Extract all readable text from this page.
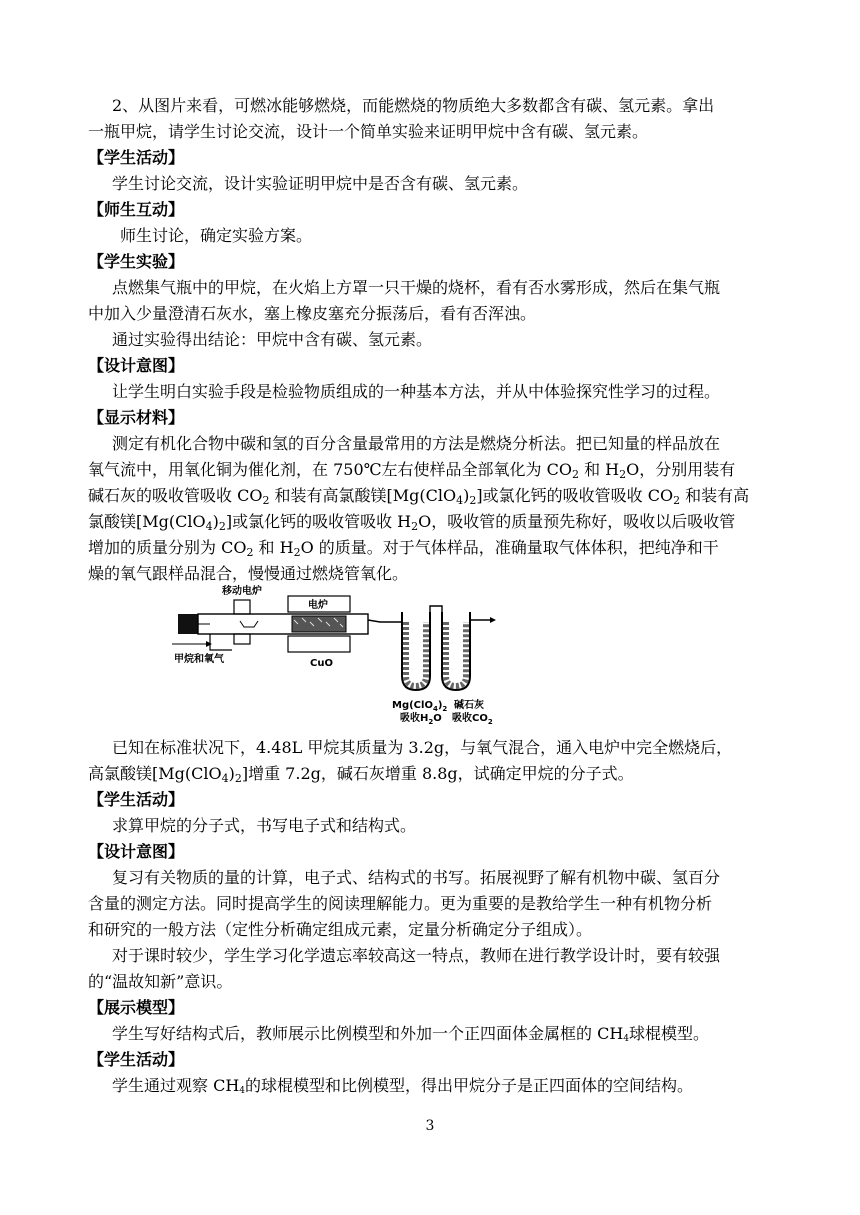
2、从图片来看，可燃冰能够燃烧，而能燃烧的物质绝大多数都含有碳、氢元素。拿出
一瓶甲烷，请学生讨论交流，设计一个简单实验来证明甲烷中含有碳、氢元素。
【学生活动】
学生讨论交流，设计实验证明甲烷中是否含有碳、氢元素。
【师生互动】
师生讨论，确定实验方案。
【学生实验】
点燃集气瓶中的甲烷，在火焰上方罩一只干燥的烧杯，看有否水雾形成，然后在集气瓶
中加入少量澄清石灰水，塞上橡皮塞充分振荡后，看有否浑浊。
通过实验得出结论：甲烷中含有碳、氢元素。
【设计意图】
让学生明白实验手段是检验物质组成的一种基本方法，并从中体验探究性学习的过程。
【显示材料】
测定有机化合物中碳和氢的百分含量最常用的方法是燃烧分析法。把已知量的样品放在
氧气流中，用氧化铜为催化剂，在 750℃左右使样品全部氧化为 $CO_2$ 和 $H_2O$，分别用装有
碱石灰的吸收管吸收 $CO_2$ 和装有高氯酸镁$[Mg(ClO_4)_2]$或氯化钙的吸收管吸收 $CO_2$ 和装有高
氯酸镁$[Mg(ClO_4)_2]$或氯化钙的吸收管吸收 $H_2O$，吸收管的质量预先称好，吸收以后吸收管
增加的质量分别为 $CO_2$ 和 $H_2O$ 的质量。对于气体样品，准确量取气体体积，把纯净和干
燥的氧气跟样品混合，慢慢通过燃烧管氧化。
甲烷和氧气
移动电炉
电炉
CuO
$Mg(ClO_4)_2$
吸收$H_2O$
碱石灰
吸收$CO_2$
已知在标准状况下，4.48L 甲烷其质量为 3.2g，与氧气混合，通入电炉中完全燃烧后，
高氯酸镁$[Mg(ClO_4)_2]$增重 7.2g，碱石灰增重 8.8g，试确定甲烷的分子式。
【学生活动】
求算甲烷的分子式，书写电子式和结构式。
【设计意图】
复习有关物质的量的计算，电子式、结构式的书写。拓展视野了解有机物中碳、氢百分
含量的测定方法。同时提高学生的阅读理解能力。更为重要的是教给学生一种有机物分析
和研究的一般方法（定性分析确定组成元素，定量分析确定分子组成）。
对于课时较少，学生学习化学遗忘率较高这一特点，教师在进行教学设计时，要有较强
的“温故知新”意识。
【展示模型】
学生写好结构式后，教师展示比例模型和外加一个正四面体金属框的 $CH_4$球棍模型。
【学生活动】
学生通过观察 $CH_4$的球棍模型和比例模型，得出甲烷分子是正四面体的空间结构。
3
